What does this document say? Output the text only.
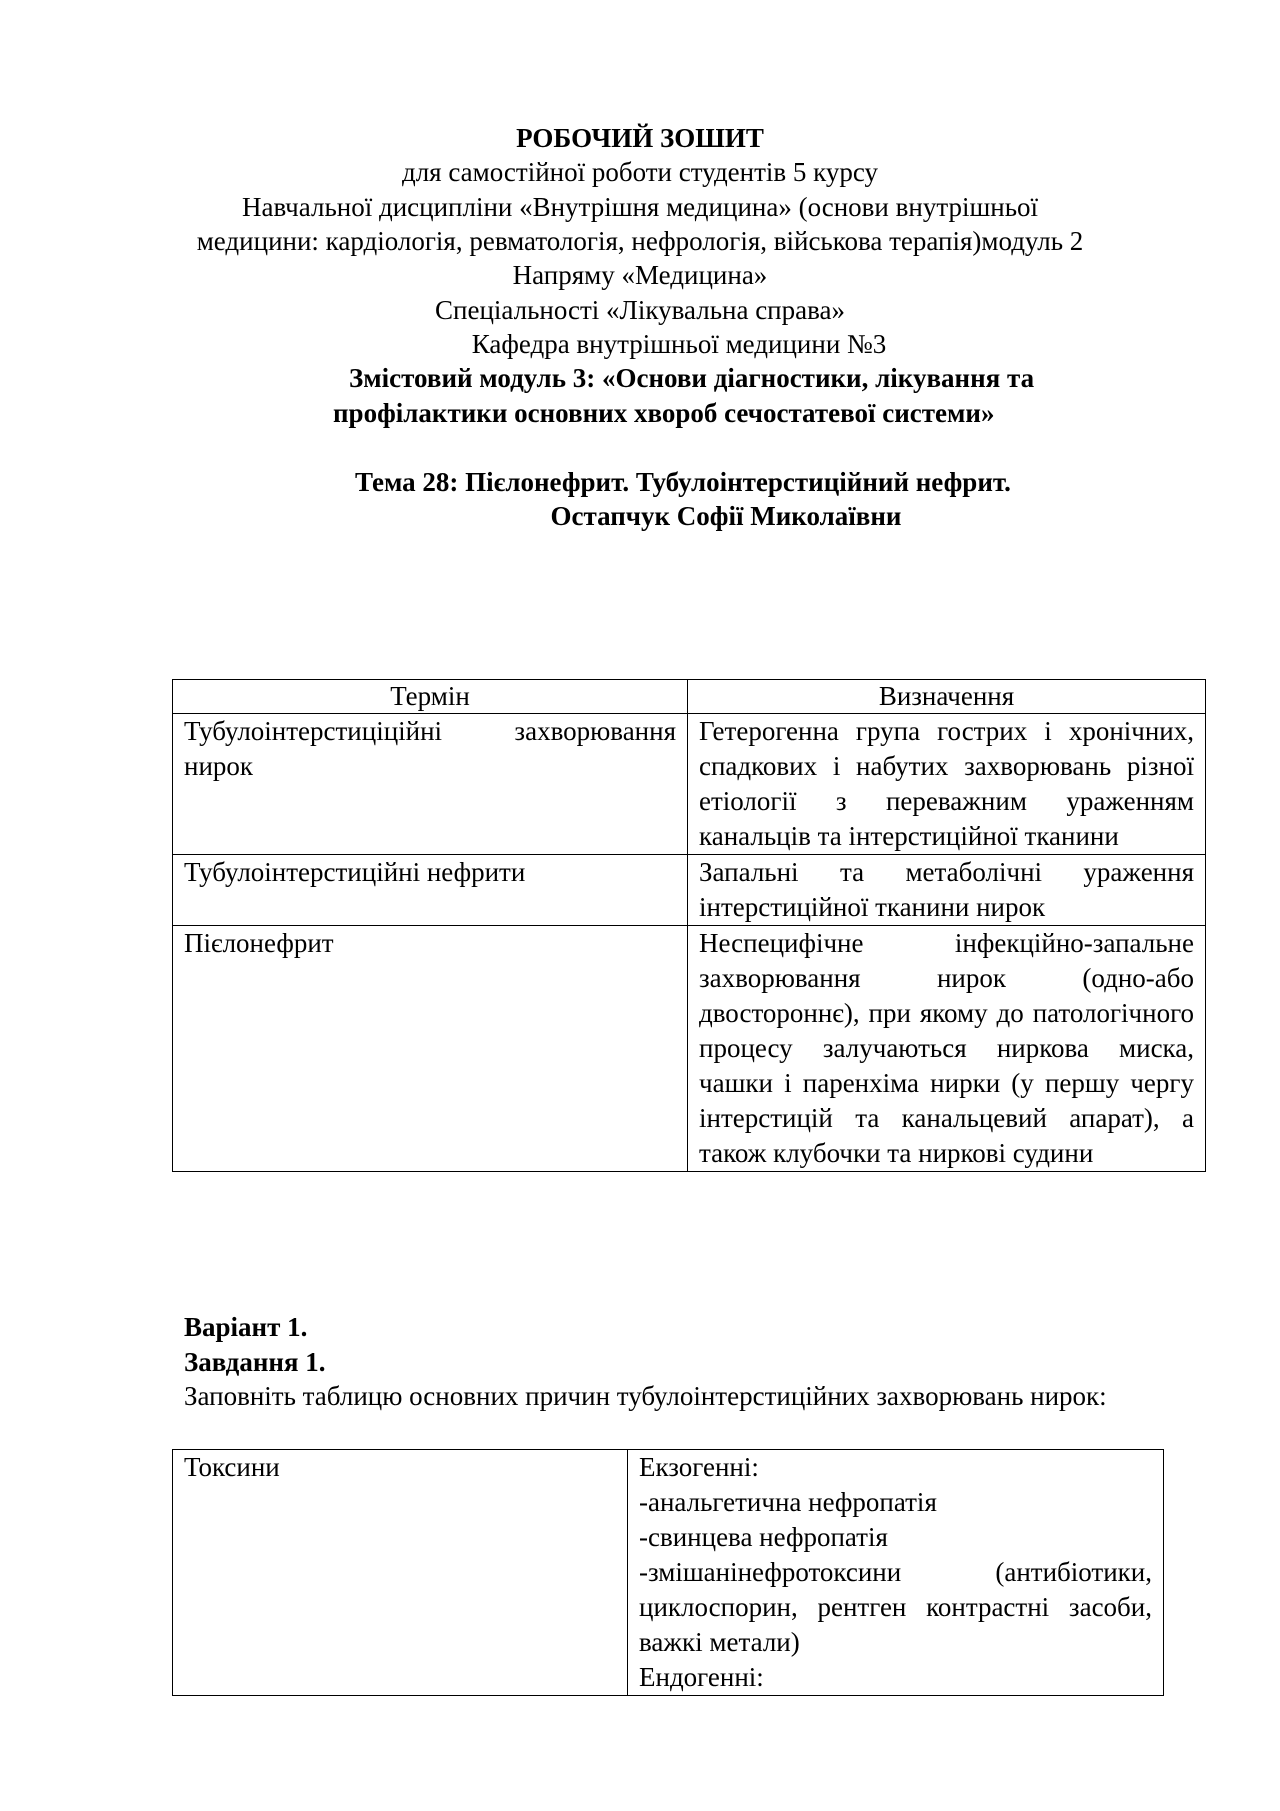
РОБОЧИЙ ЗОШИТ
для самостійної роботи студентів 5 курсу
Навчальної дисципліни «Внутрішня медицина» (основи внутрішньої
медицини: кардіологія, ревматологія, нефрологія, військова терапія)модуль 2
Напряму «Медицина»
Спеціальності «Лікувальна справа»
Кафедра внутрішньої медицини №3
Змістовий модуль 3: «Основи діагностики, лікування та
профілактики основних хвороб сечостатевої системи»
Тема 28: Пієлонефрит. Тубулоінтерстиційний нефрит.
Остапчук Софії Миколаївни
Термін	Визначення
Тубулоінтерстиціційні захворювання нирок	Гетерогенна група гострих і хронічних, спадкових і набутих захворювань різної етіології з переважним ураженням канальців та інтерстиційної тканини
Тубулоінтерстиційні нефрити	Запальні та метаболічні ураження інтерстиційної тканини нирок
Пієлонефрит	Неспецифічне інфекційно-запальне захворювання нирок (одно-або двостороннє), при якому до патологічного процесу залучаються ниркова миска, чашки і паренхіма нирки (у першу чергу інтерстицій та канальцевий апарат), а також клубочки та ниркові судини
Варіант 1.
Завдання 1.
Заповніть таблицю основних причин тубулоінтерстиційних захворювань нирок:
Токсини	Екзогенні:
-анальгетична нефропатія
-свинцева нефропатія
-змішанінефротоксини (антибіотики, циклоспорин, рентген контрастні засоби, важкі метали)
Ендогенні:
